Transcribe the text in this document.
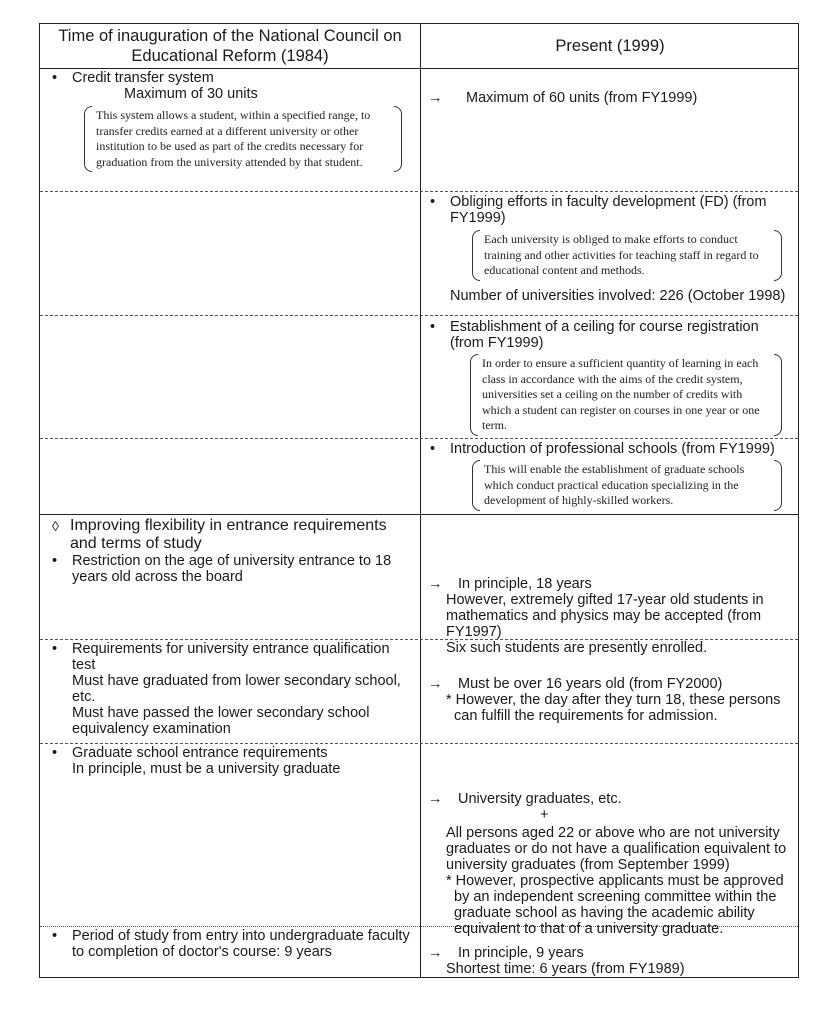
Time of inauguration of the National Council on Educational Reform (1984)
Present (1999)
• Credit transfer system
Maximum of 30 units
This system allows a student, within a specified range, to transfer credits earned at a different university or other institution to be used as part of the credits necessary for graduation from the university attended by that student.
→ Maximum of 60 units (from FY1999)
• Obliging efforts in faculty development (FD) (from FY1999)
Each university is obliged to make efforts to conduct training and other activities for teaching staff in regard to educational content and methods.
Number of universities involved: 226 (October 1998)
• Establishment of a ceiling for course registration (from FY1999)
In order to ensure a sufficient quantity of learning in each class in accordance with the aims of the credit system, universities set a ceiling on the number of credits with which a student can register on courses in one year or one term.
• Introduction of professional schools (from FY1999)
This will enable the establishment of graduate schools which conduct practical education specializing in the development of highly-skilled workers.
◊ Improving flexibility in entrance requirements and terms of study
• Restriction on the age of university entrance to 18 years old across the board	→ In principle, 18 years
However, extremely gifted 17-year old students in mathematics and physics may be accepted (from FY1997)
Six such students are presently enrolled.
• Requirements for university entrance qualification test
Must have graduated from lower secondary school, etc.
Must have passed the lower secondary school equivalency examination
→ Must be over 16 years old (from FY2000)
* However, the day after they turn 18, these persons can fulfill the requirements for admission.
• Graduate school entrance requirements
In principle, must be a university graduate
→ University graduates, etc.
+
All persons aged 22 or above who are not university graduates or do not have a qualification equivalent to university graduates (from September 1999)
* However, prospective applicants must be approved by an independent screening committee within the graduate school as having the academic ability equivalent to that of a university graduate.
• Period of study from entry into undergraduate faculty to completion of doctor's course: 9 years	→ In principle, 9 years
Shortest time: 6 years (from FY1989)
